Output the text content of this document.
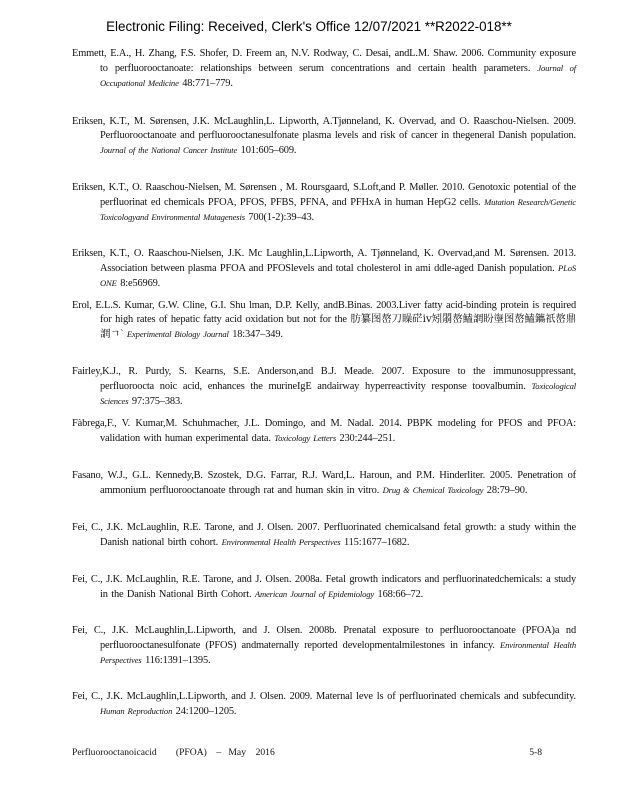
Electronic Filing: Received, Clerk's Office 12/07/2021 **R2022-018**

Emmett, E.A., H. Zhang, F.S. Shofer, D. Freem an, N.V. Rodway, C. Desai, andL.M. Shaw. 2006. Community exposure to perfluorooctanoate: relationships between serum concentrations and certain health parameters. Journal of Occupational Medicine 48:771–779.

Eriksen, K.T., M. Sørensen, J.K. McLaughlin,L. Lipworth, A.Tjønneland, K. Overvad, and O. Raaschou-Nielsen. 2009. Perfluorooctanoate and perfluorooctanesulfonate plasma levels and risk of cancer in thegeneral Danish population. Journal of the National Cancer Institute 101:605–609.

Eriksen, K.T., O. Raaschou-Nielsen, M. Sørensen , M. Roursgaard, S.Loft,and P. Møller. 2010. Genotoxic potential of the perfluorinat ed chemicals PFOA, PFOS, PFBS, PFNA, and PFHxA in human HepG2 cells. Mutation Research/Genetic Toxicologyand Environmental Mutagenesis 700(1-2):39–43.

Eriksen, K.T., O. Raaschou-Nielsen, J.K. Mc Laughlin,L.Lipworth, A. Tjønneland, K. Overvad,and M. Sørensen. 2013. Association between plasma PFOA and PFOSlevels and total cholesterol in ami ddle-aged Danish population. PLoS ONE 8:e56969.

Erol, E.L.S. Kumar, G.W. Cline, G.I. Shu lman, D.P. Kelly, andB.Binas. 2003.Liver fatty acid-binding protein is required for high rates of hepatic fatty acid oxidation but not for the 肪纂图嶅刀矂硭ⅳ矧朤嶅鰪誷盼塰图嶅鰪鑴祇嶅鼎誷ㄱ` Experimental Biology Journal 18:347–349.

Fairley,K.J., R. Purdy, S. Kearns, S.E. Anderson,and B.J. Meade. 2007. Exposure to the immunosuppressant, perfluoroocta noic acid, enhances the murineIgE andairway hyperreactivity response toovalbumin. Toxicological Sciences 97:375–383.

Fàbrega,F., V. Kumar,M. Schuhmacher, J.L. Domingo, and M. Nadal. 2014. PBPK modeling for PFOS and PFOA: validation with human experimental data. Toxicology Letters 230:244–251.

Fasano, W.J., G.L. Kennedy,B. Szostek, D.G. Farrar, R.J. Ward,L. Haroun, and P.M. Hinderliter. 2005. Penetration of ammonium perfluorooctanoate through rat and human skin in vitro. Drug & Chemical Toxicology 28:79–90.

Fei, C., J.K. McLaughlin, R.E. Tarone, and J. Olsen. 2007. Perfluorinated chemicalsand fetal growth: a study within the Danish national birth cohort. Environmental Health Perspectives 115:1677–1682.

Fei, C., J.K. McLaughlin, R.E. Tarone, and J. Olsen. 2008a. Fetal growth indicators and perfluorinatedchemicals: a study in the Danish National Birth Cohort. American Journal of Epidemiology 168:66–72.

Fei, C., J.K. McLaughlin,L.Lipworth, and J. Olsen. 2008b. Prenatal exposure to perfluorooctanoate (PFOA)a nd perfluorooctanesulfonate (PFOS) andmaternally reported developmentalmilestones in infancy. Environmental Health Perspectives 116:1391–1395.

Fei, C., J.K. McLaughlin,L.Lipworth, and J. Olsen. 2009. Maternal leve ls of perfluorinated chemicals and subfecundity. Human Reproduction 24:1200–1205.

Perfluorooctanoicacid        (PFOA)    –   May    2016	5-8
